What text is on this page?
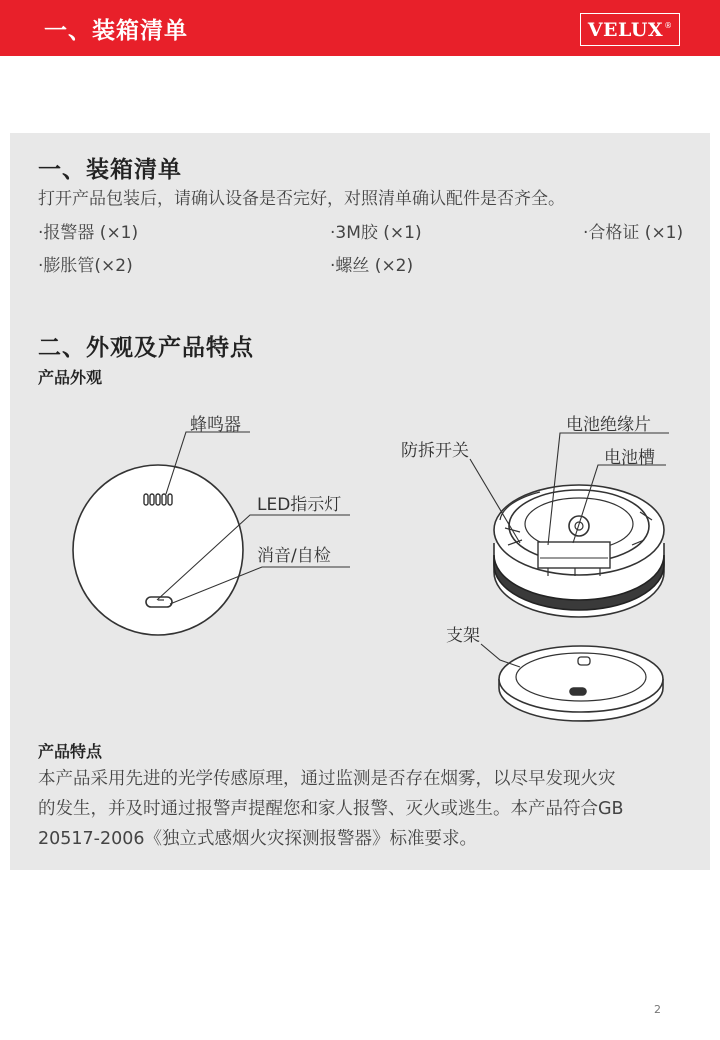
一、装箱清单	VELUX ®
一、装箱清单
打开产品包装后，请确认设备是否完好，对照清单确认配件是否齐全。
·报警器 (×1)	·3M胶 (×1)	·合格证 (×1)
·膨胀管(×2)	·螺丝 (×2)
二、外观及产品特点
产品外观
蜂鸣器
LED指示灯
消音/自检
防拆开关
电池绝缘片
电池槽
支架
产品特点
本产品采用先进的光学传感原理，通过监测是否存在烟雾，以尽早发现火灾
的发生，并及时通过报警声提醒您和家人报警、灭火或逃生。本产品符合GB
20517-2006《独立式感烟火灾探测报警器》标准要求。
2
